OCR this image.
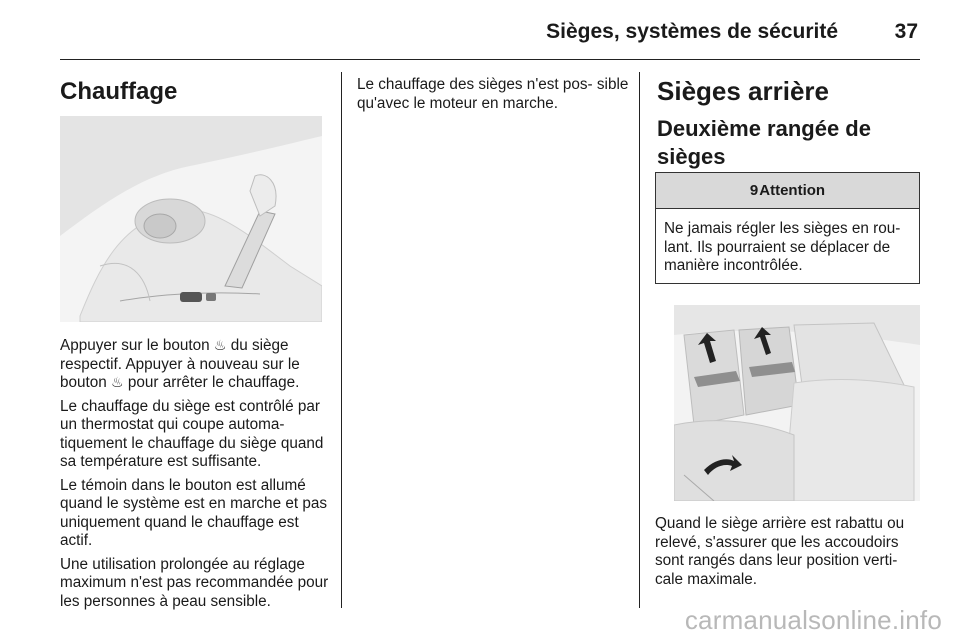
Sièges, systèmes de sécurité	37
Chauffage

Appuyer sur le bouton ♨ du siège respectif. Appuyer à nouveau sur le bouton ♨ pour arrêter le chauffage.

Le chauffage du siège est contrôlé par un thermostat qui coupe automa- tiquement le chauffage du siège quand sa température est suffisante.

Le témoin dans le bouton est allumé quand le système est en marche et pas uniquement quand le chauffage est actif.

Une utilisation prolongée au réglage maximum n'est pas recommandée pour les personnes à peau sensible.

Le chauffage des sièges n'est pos- sible qu'avec le moteur en marche.	Sièges arrière
Deuxième rangée de sièges
9Attention
Ne jamais régler les sièges en rou- lant. Ils pourraient se déplacer de manière incontrôlée.

Quand le siège arrière est rabattu ou relevé, s'assurer que les accoudoirs sont rangés dans leur position verti- cale maximale.

carmanualsonline.info
